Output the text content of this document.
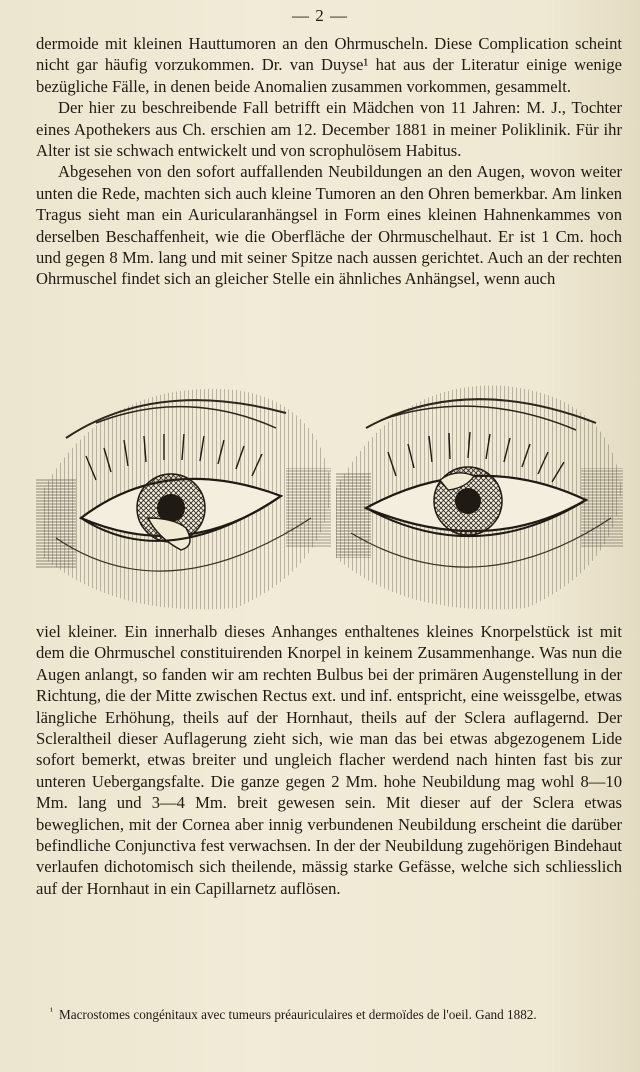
— 2 —

dermoide mit kleinen Hauttumoren an den Ohrmuscheln. Diese Complication scheint nicht gar häufig vorzukommen. Dr. van Duyse¹ hat aus der Literatur einige wenige bezügliche Fälle, in denen beide Anomalien zusammen vorkommen, gesammelt.

Der hier zu beschreibende Fall betrifft ein Mädchen von 11 Jahren: M. J., Tochter eines Apothekers aus Ch. erschien am 12. December 1881 in meiner Poliklinik. Für ihr Alter ist sie schwach entwickelt und von scrophulösem Habitus.

Abgesehen von den sofort auffallenden Neubildungen an den Augen, wovon weiter unten die Rede, machten sich auch kleine Tumoren an den Ohren bemerkbar. Am linken Tragus sieht man ein Auricularanhängsel in Form eines kleinen Hahnenkammes von derselben Beschaffenheit, wie die Oberfläche der Ohrmuschelhaut. Er ist 1 Cm. hoch und gegen 8 Mm. lang und mit seiner Spitze nach aussen gerichtet. Auch an der rechten Ohrmuschel findet sich an gleicher Stelle ein ähnliches Anhängsel, wenn auch

viel kleiner. Ein innerhalb dieses Anhanges enthaltenes kleines Knorpelstück ist mit dem die Ohrmuschel constituirenden Knorpel in keinem Zusammenhange. Was nun die Augen anlangt, so fanden wir am rechten Bulbus bei der primären Augenstellung in der Richtung, die der Mitte zwischen Rectus ext. und inf. entspricht, eine weissgelbe, etwas längliche Erhöhung, theils auf der Hornhaut, theils auf der Sclera auflagernd. Der Scleraltheil dieser Auflagerung zieht sich, wie man das bei etwas abgezogenem Lide sofort bemerkt, etwas breiter und ungleich flacher werdend nach hinten fast bis zur unteren Uebergangsfalte. Die ganze gegen 2 Mm. hohe Neubildung mag wohl 8—10 Mm. lang und 3—4 Mm. breit gewesen sein. Mit dieser auf der Sclera etwas beweglichen, mit der Cornea aber innig verbundenen Neubildung erscheint die darüber befindliche Conjunctiva fest verwachsen. In der der Neubildung zugehörigen Bindehaut verlaufen dichotomisch sich theilende, mässig starke Gefässe, welche sich schliesslich auf der Hornhaut in ein Capillarnetz auflösen.

$^{^1}$ Macrostomes congénitaux avec tumeurs préauriculaires et dermoïdes de l'oeil. Gand 1882.
